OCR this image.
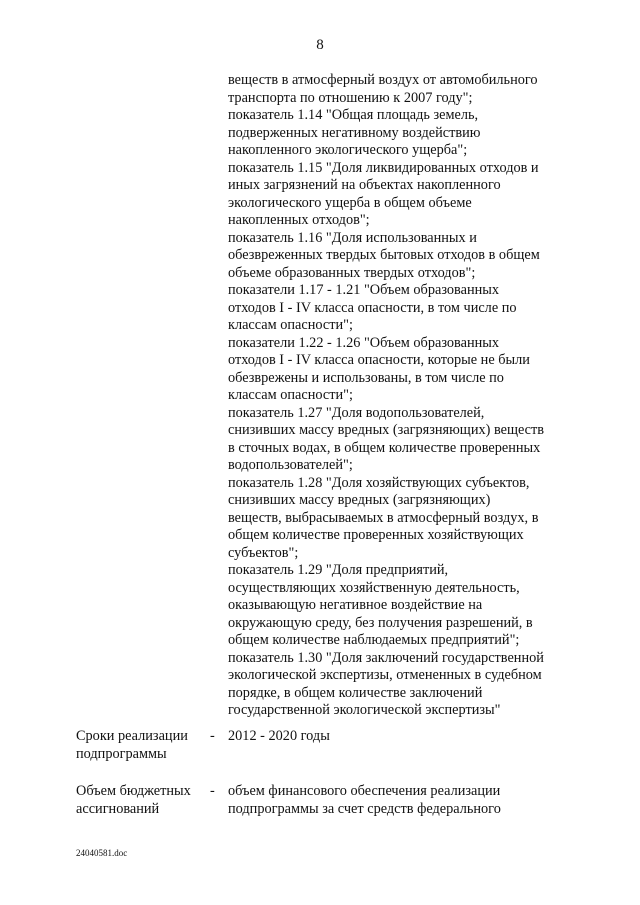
8
веществ в атмосферный воздух от автомобильного
транспорта по отношению к 2007 году";
показатель 1.14 "Общая площадь земель,
подверженных негативному воздействию
накопленного экологического ущерба";
показатель 1.15 "Доля ликвидированных отходов и
иных загрязнений на объектах накопленного
экологического ущерба в общем объеме
накопленных отходов";
показатель 1.16 "Доля использованных и
обезвреженных твердых бытовых отходов в общем
объеме образованных твердых отходов";
показатели 1.17 - 1.21 "Объем образованных
отходов I - IV класса опасности, в том числе по
классам опасности";
показатели 1.22 - 1.26 "Объем образованных
отходов I - IV класса опасности, которые не были
обезврежены и использованы, в том числе по
классам опасности";
показатель 1.27 "Доля водопользователей,
снизивших массу вредных (загрязняющих) веществ
в сточных водах, в общем количестве проверенных
водопользователей";
показатель 1.28 "Доля хозяйствующих субъектов,
снизивших массу вредных (загрязняющих)
веществ, выбрасываемых в атмосферный воздух, в
общем количестве проверенных хозяйствующих
субъектов";
показатель 1.29 "Доля предприятий,
осуществляющих хозяйственную деятельность,
оказывающую негативное воздействие на
окружающую среду, без получения разрешений, в
общем количестве наблюдаемых предприятий";
показатель 1.30 "Доля заключений государственной
экологической экспертизы, отмененных в судебном
порядке, в общем количестве заключений
государственной экологической экспертизы"
Сроки реализации
подпрограммы
- 2012 - 2020 годы
Объем бюджетных
ассигнований
- объем финансового обеспечения реализации
подпрограммы за счет средств федерального
24040581.doc
